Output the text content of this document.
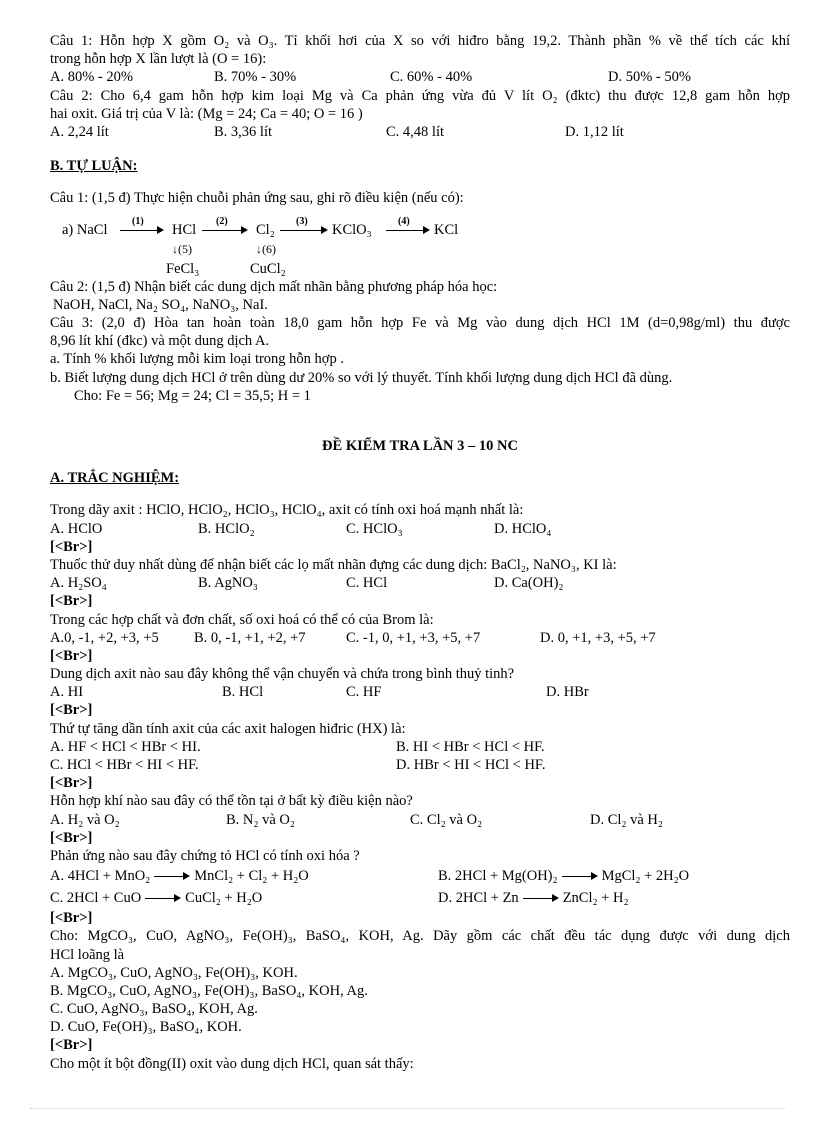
Câu 1: Hỗn hợp X gồm O₂ và O₃. Tỉ khối hơi của X so với hiđro bằng 19,2. Thành phần % về thể tích các khí
trong hỗn hợp X lần lượt là (O = 16):
A. 80% - 20%	B. 70% - 30%	C. 60% - 40%	D. 50% - 50%
Câu 2: Cho 6,4 gam hỗn hợp kim loại Mg và Ca phản ứng vừa đủ V lít O₂ (đktc) thu được 12,8 gam hỗn hợp
hai oxit. Giá trị của V là: (Mg = 24; Ca = 40; O = 16 )
A. 2,24 lít	B. 3,36 lít	C. 4,48 lít	D. 1,12 lít
B. TỰ LUẬN:
Câu 1: (1,5 đ) Thực hiện chuỗi phản ứng sau, ghi rõ điều kiện (nếu có):
a) NaCl
(1)
HCl
(2)
Cl₂
(3)
KClO₃
(4)
KCl
↓(5)	↓(6)
FeCl₃	CuCl₂
Câu 2: (1,5 đ) Nhận biết các dung dịch mất nhãn bằng phương pháp hóa học:
NaOH, NaCl, Na₂ SO₄, NaNO₃, NaI.
Câu 3: (2,0 đ) Hòa tan hoàn toàn 18,0 gam hỗn hợp Fe và Mg vào dung dịch HCl 1M (d=0,98g/ml) thu được
8,96 lít khí (đkc) và một dung dịch A.
a. Tính % khối lượng mỗi kim loại trong hỗn hợp .
b. Biết lượng dung dịch HCl ở trên dùng dư 20% so với lý thuyết. Tính khối lượng dung dịch HCl đã dùng.
Cho: Fe = 56; Mg = 24; Cl = 35,5; H = 1
ĐỀ KIỂM TRA LẦN 3 – 10 NC
A. TRẮC NGHIỆM:
Trong dãy axit : HClO, HClO₂, HClO₃, HClO₄, axit có tính oxi hoá mạnh nhất là:
A. HClO	B. HClO₂	C. HClO₃	D. HClO₄
[<Br>]
Thuốc thử duy nhất dùng để nhận biết các lọ mất nhãn đựng các dung dịch: BaCl₂, NaNO₃, KI là:
A. H₂SO₄	B. AgNO₃	C. HCl	D. Ca(OH)₂
[<Br>]
Trong các hợp chất và đơn chất, số oxi hoá có thể có của Brom là:
A.0, -1, +2, +3, +5 B. 0, -1, +1, +2, +7	C. -1, 0, +1, +3, +5, +7	D. 0, +1, +3, +5, +7
[<Br>]
Dung dịch axit nào sau đây không thể vận chuyển và chứa trong bình thuỷ tinh?
A. HI	B. HCl	C. HF	D. HBr
[<Br>]
Thứ tự tăng dần tính axit của các axit halogen hiđric (HX) là:
A. HF < HCl < HBr < HI.	B. HI < HBr < HCl < HF.
C. HCl < HBr < HI < HF.	D. HBr < HI < HCl < HF.
[<Br>]
Hỗn hợp khí nào sau đây có thể tồn tại ở bất kỳ điều kiện nào?
A. H₂ và O₂	B. N₂ và O₂	C. Cl₂ và O₂	D. Cl₂ và H₂
[<Br>]
Phản ứng nào sau đây chứng tỏ HCl có tính oxi hóa ?
A. 4HCl + MnO₂ → MnCl₂ + Cl₂ + H₂O	B. 2HCl + Mg(OH)₂ → MgCl₂ + 2H₂O
C. 2HCl + CuO → CuCl₂ + H₂O	D. 2HCl + Zn → ZnCl₂ + H₂
[<Br>]
Cho: MgCO₃, CuO, AgNO₃, Fe(OH)₃, BaSO₄, KOH, Ag. Dãy gồm các chất đều tác dụng được với dung dịch
HCl loãng là
A. MgCO₃, CuO, AgNO₃, Fe(OH)₃, KOH.
B. MgCO₃, CuO, AgNO₃, Fe(OH)₃, BaSO₄, KOH, Ag.
C. CuO, AgNO₃, BaSO₄, KOH, Ag.
D. CuO, Fe(OH)₃, BaSO₄, KOH.
[<Br>]
Cho một ít bột đồng(II) oxit vào dung dịch HCl, quan sát thấy:
